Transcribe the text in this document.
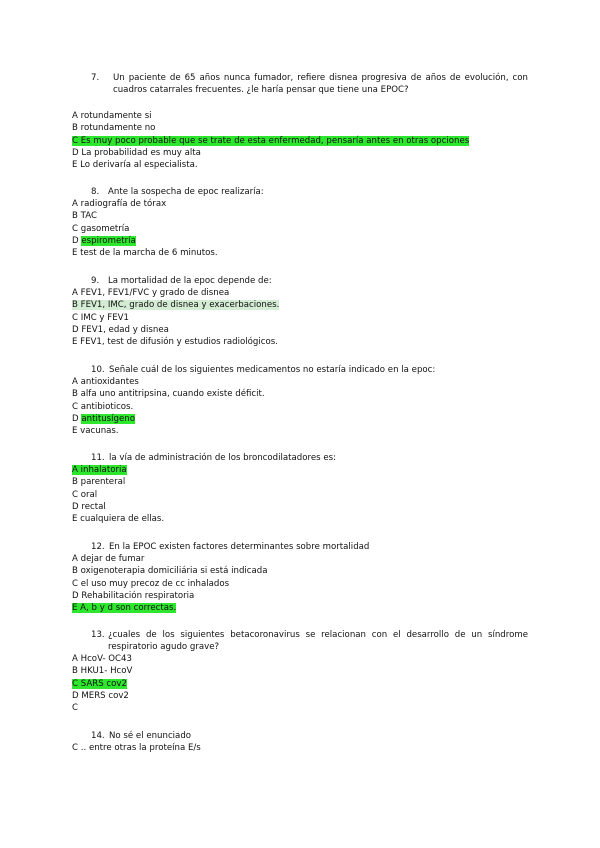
7. Un paciente de 65 años nunca fumador, refiere disnea progresiva de años de evolución, con cuadros catarrales frecuentes. ¿le haría pensar que tiene una EPOC?
A rotundamente si
B rotundamente no
C Es muy poco probable que se trate de esta enfermedad, pensaría antes en otras opciones
D La probabilidad es muy alta
E Lo derivaría al especialista.
8. Ante la sospecha de epoc realizaría:
A radiografía de tórax
B TAC
C gasometría
D espirometría
E test de la marcha de 6 minutos.
9. La mortalidad de la epoc depende de:
A FEV1, FEV1/FVC y grado de disnea
B FEV1, IMC, grado de disnea y exacerbaciones.
C IMC y FEV1
D FEV1, edad y disnea
E FEV1, test de difusión y estudios radiológicos.
10. Señale cuál de los siguientes medicamentos no estaría indicado en la epoc:
A antioxidantes
B alfa uno antitripsina, cuando existe déficit.
C antibioticos.
D antitusígeno
E vacunas.
11. la vía de administración de los broncodilatadores es:
A inhalatoria
B parenteral
C oral
D rectal
E cualquiera de ellas.
12. En la EPOC existen factores determinantes sobre mortalidad
A dejar de fumar
B oxigenoterapia domiciliária si está indicada
C el uso muy precoz de cc inhalados
D Rehabilitación respiratoria
E A, b y d son correctas.
13. ¿cuales de los siguientes betacoronavirus se relacionan con el desarrollo de un síndrome respiratorio agudo grave?
A HcoV- OC43
B HKU1- HcoV
C SARS cov2
D MERS cov2
C
14. No sé el enunciado
C .. entre otras la proteína E/s
